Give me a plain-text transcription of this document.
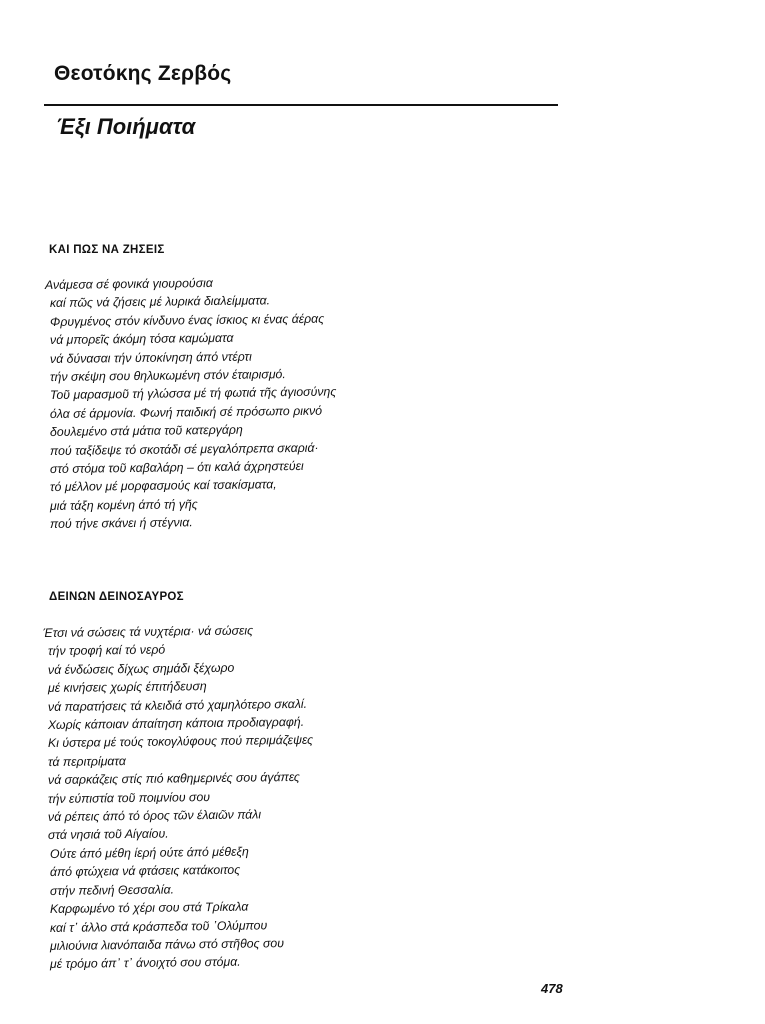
Θεοτόκης Ζερβός
Έξι Ποιήματα
ΚΑΙ ΠΩΣ ΝΑ ΖΗΣΕΙΣ
Ανάμεσα σέ φονικά γιουρούσια
καί πῶς νά ζήσεις μέ λυρικά διαλείμματα.
Φρυγμένος στόν κίνδυνο ένας ίσκιος κι ένας άέρας
νά μπορεῖς άκόμη τόσα καμώματα
νά δύνασαι τήν ύποκίνηση άπό ντέρτι
τήν σκέψη σου θηλυκωμένη στόν έταιρισμό.
Τοῦ μαρασμοῦ τή γλώσσα μέ τή φωτιά τῆς άγιοσύνης
όλα σέ άρμονία. Φωνή παιδική σέ πρόσωπο ρικνό
δουλεμένο στά μάτια τοῦ κατεργάρη
πού ταξίδεψε τό σκοτάδι σέ μεγαλόπρεπα σκαριά·
στό στόμα τοῦ καβαλάρη – ότι καλά άχρηστεύει
τό μέλλον μέ μορφασμούς καί τσακίσματα,
μιά τάξη κομένη άπό τή γῆς
πού τήνε σκάνει ή στέγνια.
ΔΕΙΝΩΝ ΔΕΙΝΟΣΑΥΡΟΣ
Έτσι νά σώσεις τά νυχτέρια· νά σώσεις
τήν τροφή καί τό νερό
νά ένδώσεις δίχως σημάδι ξέχωρο
μέ κινήσεις χωρίς έπιτήδευση
νά παρατήσεις τά κλειδιά στό χαμηλότερο σκαλί.
Χωρίς κάποιαν άπαίτηση κάποια προδιαγραφή.
Κι ύστερα μέ τούς τοκογλύφους πού περιμάζεψες
τά περιτρίματα
νά σαρκάζεις στίς πιό καθημερινές σου άγάπες
τήν εύπιστία τοῦ ποιμνίου σου
νά ρέπεις άπό τό όρος τῶν έλαιῶν πάλι
στά νησιά τοῦ Αίγαίου.
Ούτε άπό μέθη ίερή ούτε άπό μέθεξη
άπό φτώχεια νά φτάσεις κατάκοιτος
στήν πεδινή Θεσσαλία.
Καρφωμένο τό χέρι σου στά Τρίκαλα
καί τ᾽ άλλο στά κράσπεδα τοῦ ᾽Ολύμπου
μιλιούνια λιανόπαιδα πάνω στό στῆθος σου
μέ τρόμο άπ᾽ τ᾽ άνοιχτό σου στόμα.
478
